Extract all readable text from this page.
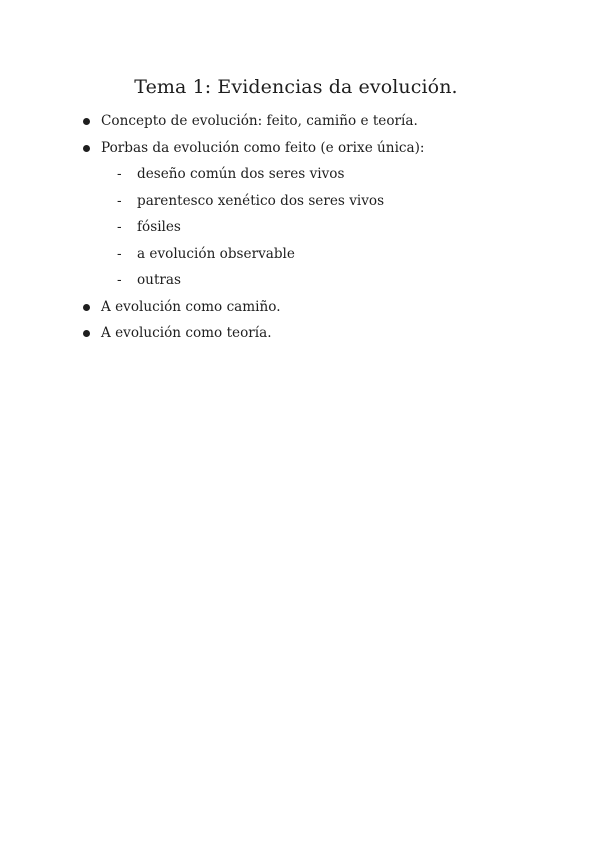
Tema 1: Evidencias da evolución.
Concepto de evolución: feito, camiño e teoría.
Porbas da evolución como feito (e orixe única):
- deseño común dos seres vivos
- parentesco xenético dos seres vivos
- fósiles
- a evolución observable
- outras
A evolución como camiño.
A evolución como teoría.
